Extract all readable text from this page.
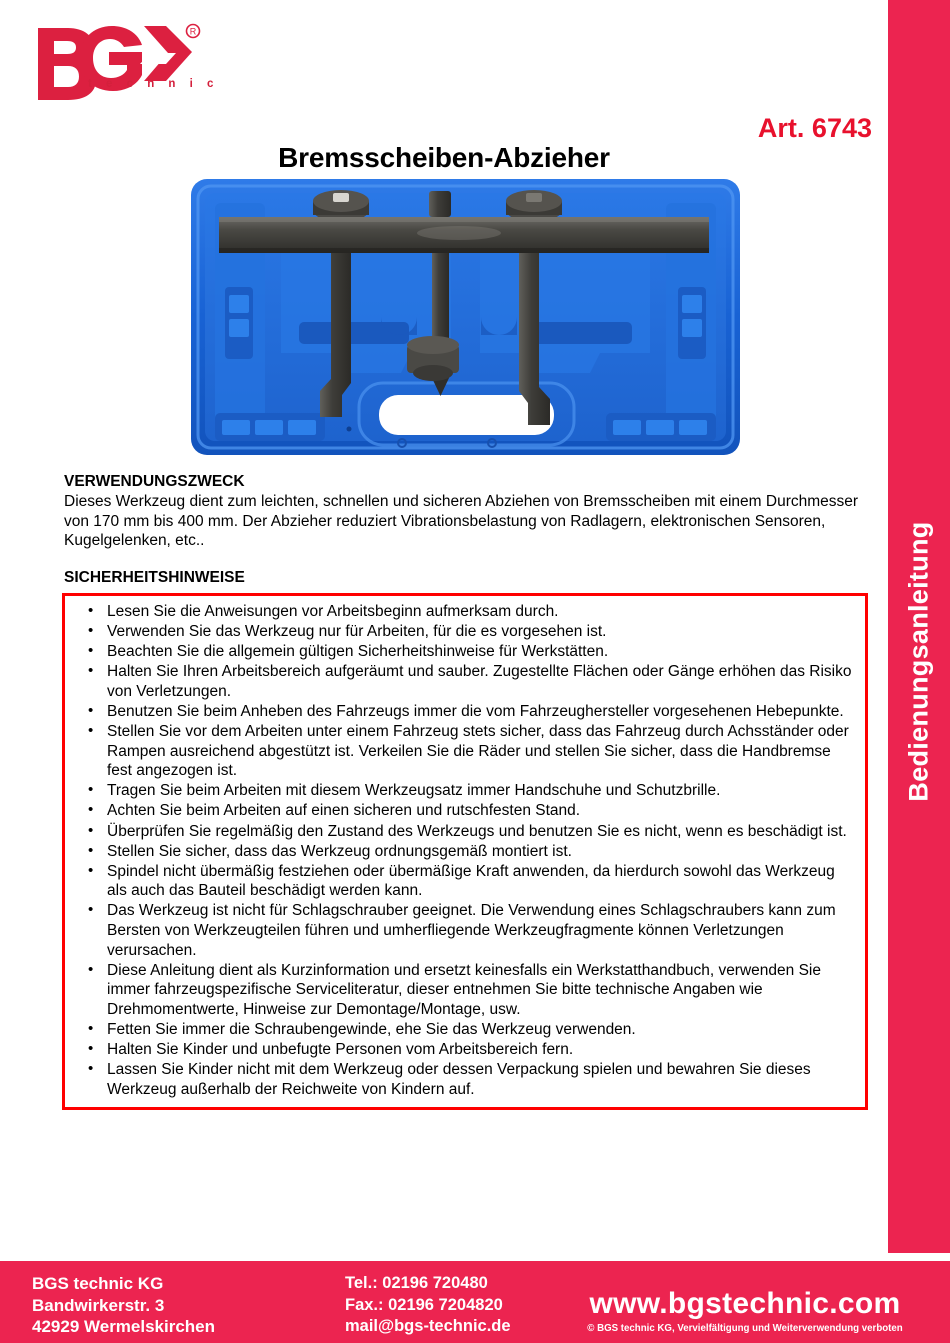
Bedienungsanleitung
R
t e c h n i c
Art. 6743
Bremsscheiben-Abzieher

VERWENDUNGSZWECK

Dieses Werkzeug dient zum leichten, schnellen und sicheren Abziehen von Bremsscheiben mit einem Durchmesser von 170 mm bis 400 mm. Der Abzieher reduziert Vibrationsbelastung von Radlagern, elektronischen Sensoren, Kugelgelenken, etc..

SICHERHEITSHINWEISE

• Lesen Sie die Anweisungen vor Arbeitsbeginn aufmerksam durch.
• Verwenden Sie das Werkzeug nur für Arbeiten, für die es vorgesehen ist.
• Beachten Sie die allgemein gültigen Sicherheitshinweise für Werkstätten.
• Halten Sie Ihren Arbeitsbereich aufgeräumt und sauber. Zugestellte Flächen oder Gänge erhöhen das Risiko von Verletzungen.
• Benutzen Sie beim Anheben des Fahrzeugs immer die vom Fahrzeughersteller vorgesehenen Hebepunkte.
• Stellen Sie vor dem Arbeiten unter einem Fahrzeug stets sicher, dass das Fahrzeug durch Achsständer oder Rampen ausreichend abgestützt ist. Verkeilen Sie die Räder und stellen Sie sicher, dass die Handbremse fest angezogen ist.
• Tragen Sie beim Arbeiten mit diesem Werkzeugsatz immer Handschuhe und Schutzbrille.
• Achten Sie beim Arbeiten auf einen sicheren und rutschfesten Stand.
• Überprüfen Sie regelmäßig den Zustand des Werkzeugs und benutzen Sie es nicht, wenn es beschädigt ist.
• Stellen Sie sicher, dass das Werkzeug ordnungsgemäß montiert ist.
• Spindel nicht übermäßig festziehen oder übermäßige Kraft anwenden, da hierdurch sowohl das Werkzeug als auch das Bauteil beschädigt werden kann.
• Das Werkzeug ist nicht für Schlagschrauber geeignet. Die Verwendung eines Schlagschraubers kann zum Bersten von Werkzeugteilen führen und umherfliegende Werkzeugfragmente können Verletzungen verursachen.
• Diese Anleitung dient als Kurzinformation und ersetzt keinesfalls ein Werkstatthandbuch, verwenden Sie immer fahrzeugspezifische Serviceliteratur, dieser entnehmen Sie bitte technische Angaben wie Drehmomentwerte, Hinweise zur Demontage/Montage, usw.
• Fetten Sie immer die Schraubengewinde, ehe Sie das Werkzeug verwenden.
• Halten Sie Kinder und unbefugte Personen vom Arbeitsbereich fern.
• Lassen Sie Kinder nicht mit dem Werkzeug oder dessen Verpackung spielen und bewahren Sie dieses Werkzeug außerhalb der Reichweite von Kindern auf.
BGS technic KG
Bandwirkerstr. 3
42929 Wermelskirchen
Tel.: 02196 720480
Fax.: 02196 7204820
mail@bgs-technic.de
www.bgstechnic.com
© BGS technic KG, Vervielfältigung und Weiterverwendung verboten
